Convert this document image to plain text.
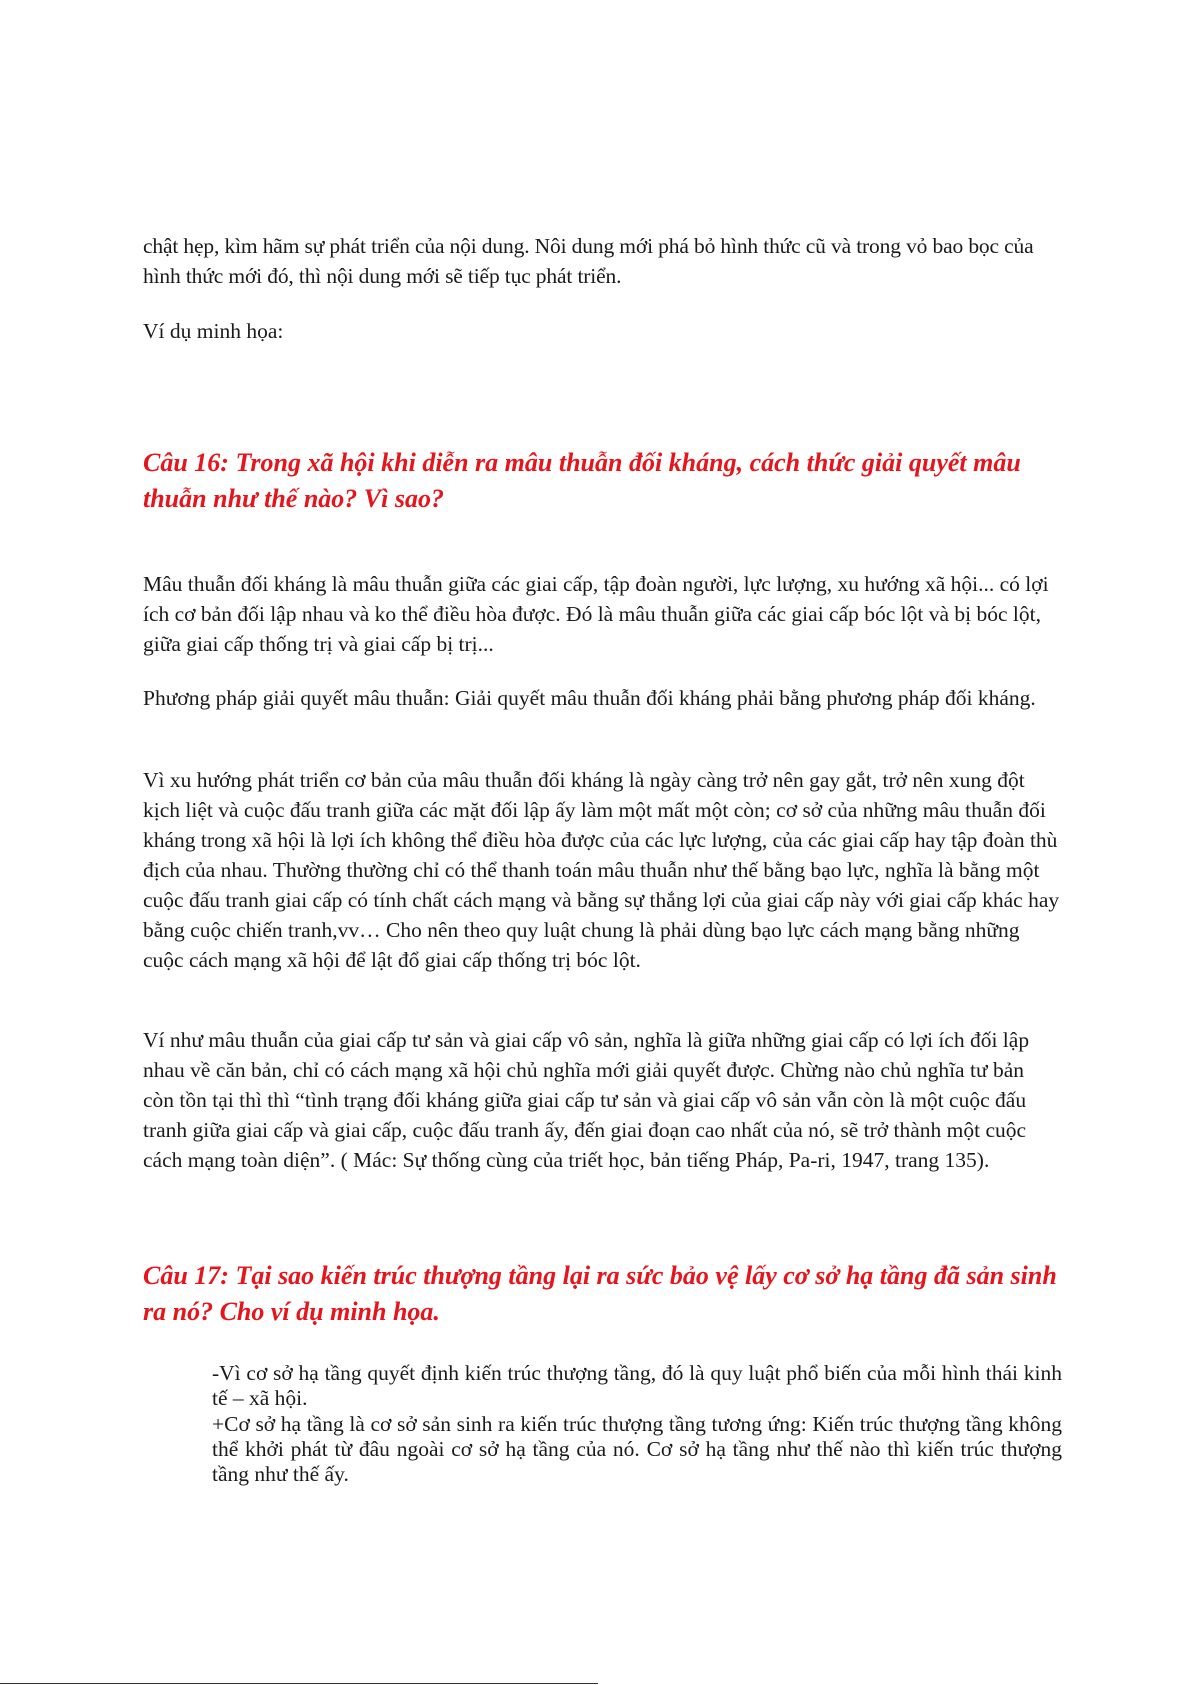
chật hẹp, kìm hãm sự phát triển của nội dung. Nôi dung mới phá bỏ hình thức cũ và trong vỏ bao bọc của hình thức mới đó, thì nội dung mới sẽ tiếp tục phát triển.

Ví dụ minh họa:

Câu 16: Trong xã hội khi diễn ra mâu thuẫn đối kháng, cách thức giải quyết mâu thuẫn như thế nào? Vì sao?

Mâu thuẫn đối kháng là mâu thuẫn giữa các giai cấp, tập đoàn người, lực lượng, xu hướng xã hội... có lợi ích cơ bản đối lập nhau và ko thể điều hòa được. Đó là mâu thuẫn giữa các giai cấp bóc lột và bị bóc lột, giữa giai cấp thống trị và giai cấp bị trị...

Phương pháp giải quyết mâu thuẫn: Giải quyết mâu thuẫn đối kháng phải bằng phương pháp đối kháng.

Vì xu hướng phát triển cơ bản của mâu thuẫn đối kháng là ngày càng trở nên gay gắt, trở nên xung đột kịch liệt và cuộc đấu tranh giữa các mặt đối lập ấy làm một mất một còn; cơ sở của những mâu thuẫn đối kháng trong xã hội là lợi ích không thể điều hòa được của các lực lượng, của các giai cấp hay tập đoàn thù địch của nhau. Thường thường chỉ có thể thanh toán mâu thuẫn như thế bằng bạo lực, nghĩa là bằng một cuộc đấu tranh giai cấp có tính chất cách mạng và bằng sự thắng lợi của giai cấp này với giai cấp khác hay bằng cuộc chiến tranh,vv… Cho nên theo quy luật chung là phải dùng bạo lực cách mạng bằng những cuộc cách mạng xã hội để lật đổ giai cấp thống trị bóc lột.

Ví như mâu thuẫn của giai cấp tư sản và giai cấp vô sản, nghĩa là giữa những giai cấp có lợi ích đối lập nhau về căn bản, chỉ có cách mạng xã hội chủ nghĩa mới giải quyết được. Chừng nào chủ nghĩa tư bản còn tồn tại thì thì “tình trạng đối kháng giữa giai cấp tư sản và giai cấp vô sản vẫn còn là một cuộc đấu tranh giữa giai cấp và giai cấp, cuộc đấu tranh ấy, đến giai đoạn cao nhất của nó, sẽ trở thành một cuộc cách mạng toàn diện”. ( Mác: Sự thống cùng của triết học, bản tiếng Pháp, Pa-ri, 1947, trang 135).

Câu 17: Tại sao kiến trúc thượng tầng lại ra sức bảo vệ lấy cơ sở hạ tầng đã sản sinh ra nó? Cho ví dụ minh họa.

-Vì cơ sở hạ tầng quyết định kiến trúc thượng tầng, đó là quy luật phổ biến của mỗi hình thái kinh tế – xã hội.

+Cơ sở hạ tầng là cơ sở sản sinh ra kiến trúc thượng tầng tương ứng: Kiến trúc thượng tầng không thể khởi phát từ đâu ngoài cơ sở hạ tầng của nó. Cơ sở hạ tầng như thế nào thì kiến trúc thượng tầng như thế ấy.
